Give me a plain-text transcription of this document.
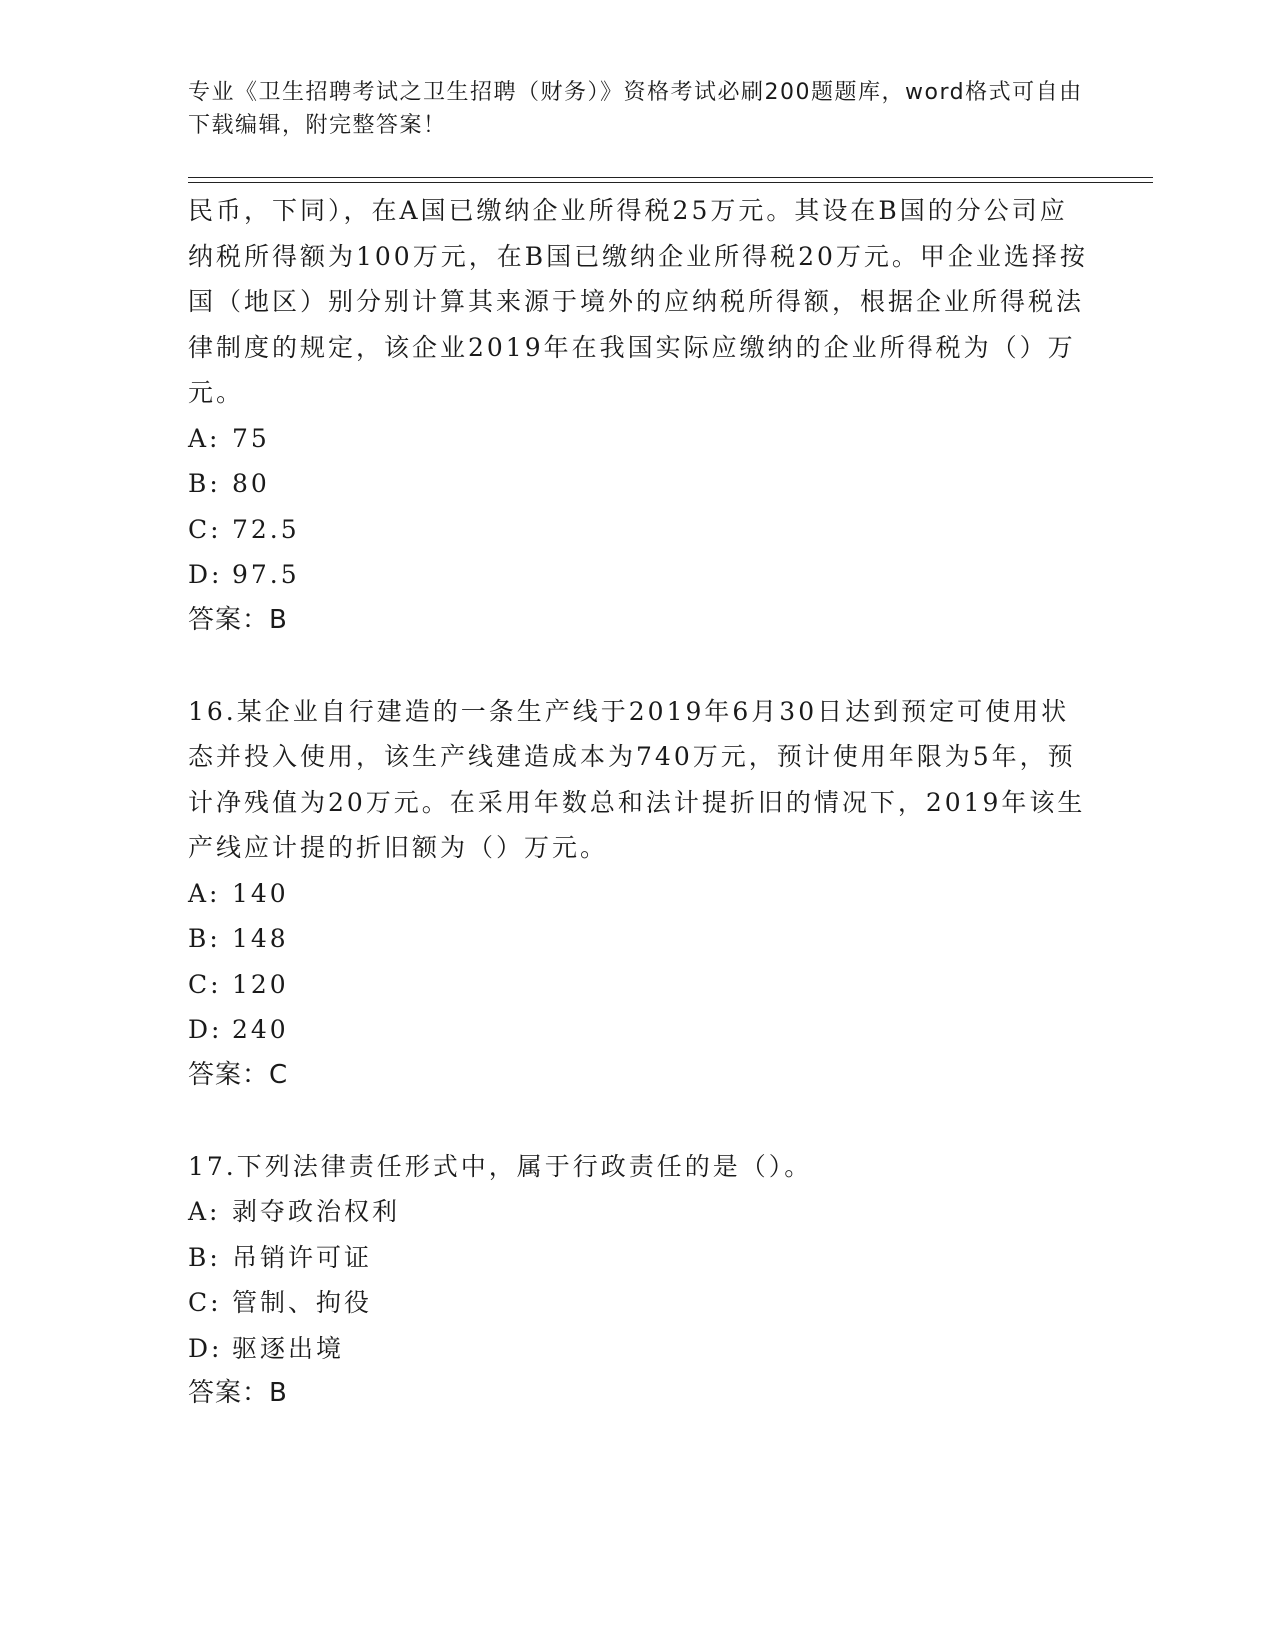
专业《卫生招聘考试之卫生招聘（财务）》资格考试必刷200题题库，word格式可自由下载编辑，附完整答案！

民币，下同），在A国已缴纳企业所得税25万元。其设在B国的分公司应纳税所得额为100万元，在B国已缴纳企业所得税20万元。甲企业选择按国（地区）别分别计算其来源于境外的应纳税所得额，根据企业所得税法律制度的规定，该企业2019年在我国实际应缴纳的企业所得税为（）万元。

A: 75
B: 80
C: 72.5
D: 97.5
答案：B

16.某企业自行建造的一条生产线于2019年6月30日达到预定可使用状态并投入使用，该生产线建造成本为740万元，预计使用年限为5年，预计净残值为20万元。在采用年数总和法计提折旧的情况下，2019年该生产线应计提的折旧额为（）万元。

A: 140
B: 148
C: 120
D: 240
答案：C

17.下列法律责任形式中，属于行政责任的是（）。

A: 剥夺政治权利
B: 吊销许可证
C: 管制、拘役
D: 驱逐出境
答案：B
